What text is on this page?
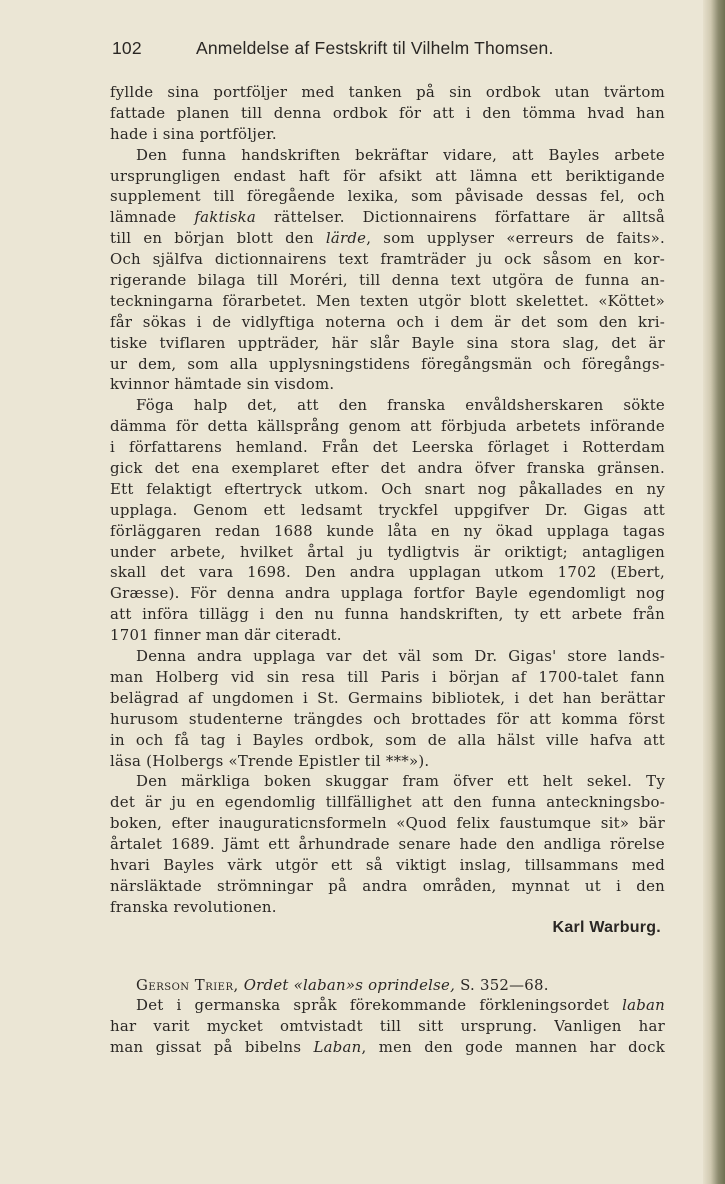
102	Anmeldelse af Festskrift til Vilhelm Thomsen.
fyllde sina portföljer med tanken på sin ordbok utan tvärtom
fattade planen till denna ordbok för att i den tömma hvad han
hade i sina portföljer.
Den funna handskriften bekräftar vidare, att Bayles arbete
ursprungligen endast haft för afsikt att lämna ett beriktigande
supplement till föregående lexika, som påvisade dessas fel, och
lämnade faktiska rättelser. Dictionnairens författare är alltså
till en början blott den lärde, som upplyser «erreurs de faits».
Och själfva dictionnairens text framträder ju ock såsom en kor-
rigerande bilaga till Moréri, till denna text utgöra de funna an-
teckningarna förarbetet. Men texten utgör blott skelettet. «Köttet»
får sökas i de vidlyftiga noterna och i dem är det som den kri-
tiske tviflaren uppträder, här slår Bayle sina stora slag, det är
ur dem, som alla upplysningstidens föregångsmän och föregångs-
kvinnor hämtade sin visdom.
Föga halp det, att den franska envåldsherskaren sökte
dämma för detta källsprång genom att förbjuda arbetets införande
i författarens hemland. Från det Leerska förlaget i Rotterdam
gick det ena exemplaret efter det andra öfver franska gränsen.
Ett felaktigt eftertryck utkom. Och snart nog påkallades en ny
upplaga. Genom ett ledsamt tryckfel uppgifver Dr. Gigas att
förläggaren redan 1688 kunde låta en ny ökad upplaga tagas
under arbete, hvilket årtal ju tydligtvis är oriktigt; antagligen
skall det vara 1698. Den andra upplagan utkom 1702 (Ebert,
Græsse). För denna andra upplaga fortfor Bayle egendomligt nog
att införa tillägg i den nu funna handskriften, ty ett arbete från
1701 finner man där citeradt.
Denna andra upplaga var det väl som Dr. Gigas' store lands-
man Holberg vid sin resa till Paris i början af 1700-talet fann
belägrad af ungdomen i St. Germains bibliotek, i det han berättar
hurusom studenterne trängdes och brottades för att komma först
in och få tag i Bayles ordbok, som de alla hälst ville hafva att
läsa (Holbergs «Trende Epistler til ***»).
Den märkliga boken skuggar fram öfver ett helt sekel. Ty
det är ju en egendomlig tillfällighet att den funna anteckningsbo-
boken, efter inauguraticnsformeln «Quod felix faustumque sit» bär
årtalet 1689. Jämt ett århundrade senare hade den andliga rörelse
hvari Bayles värk utgör ett så viktigt inslag, tillsammans med
närsläktade strömningar på andra områden, mynnat ut i den
franska revolutionen.
Karl Warburg.
Gerson Trier, Ordet «laban»s oprindelse, S. 352—68.
Det i germanska språk förekommande förkleningsordet laban
har varit mycket omtvistadt till sitt ursprung. Vanligen har
man gissat på bibelns Laban, men den gode mannen har dock
